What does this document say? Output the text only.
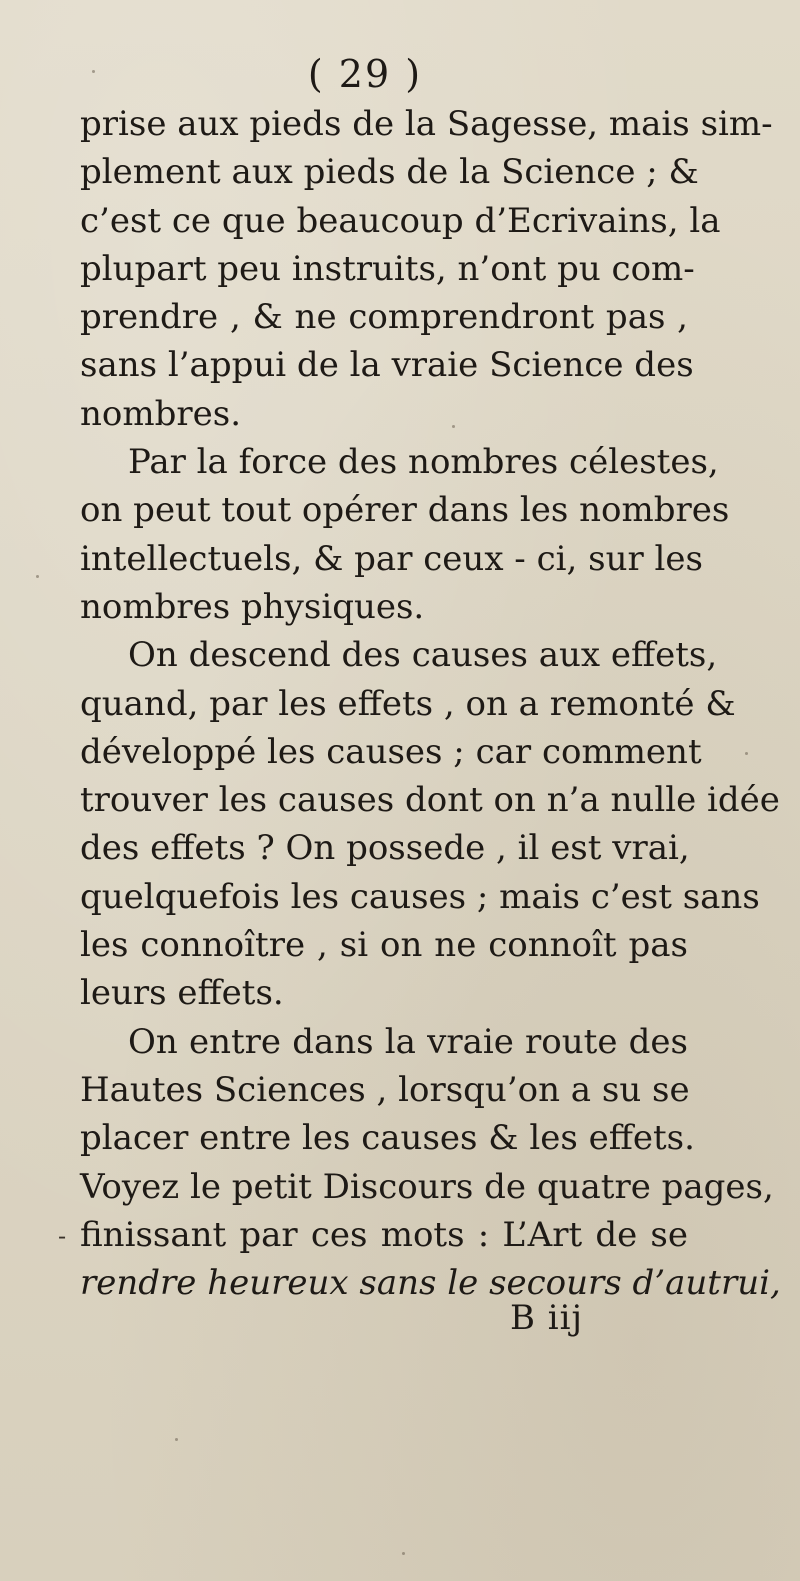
( 29 )
prise aux pieds de la Sagesse, mais sim-
plement aux pieds de la Science ; &
c’est ce que beaucoup d’Ecrivains, la
plupart peu instruits, n’ont pu com-
prendre , & ne comprendront pas ,
sans l’appui de la vraie Science des
nombres.
Par la force des nombres célestes,
on peut tout opérer dans les nombres
intellectuels, & par ceux - ci, sur les
nombres physiques.
On descend des causes aux effets,
quand, par les effets , on a remonté &
développé les causes ; car comment
trouver les causes dont on n’a nulle idée
des effets ? On possede , il est vrai,
quelquefois les causes ; mais c’est sans
les connoître , si on ne connoît pas
leurs effets.
On entre dans la vraie route des
Hautes Sciences , lorsqu’on a su se
placer entre les causes & les effets.
Voyez le petit Discours de quatre pages,
finissant par ces mots : L’Art de se
rendre heureux sans le secours d’autrui,
-
B iij
